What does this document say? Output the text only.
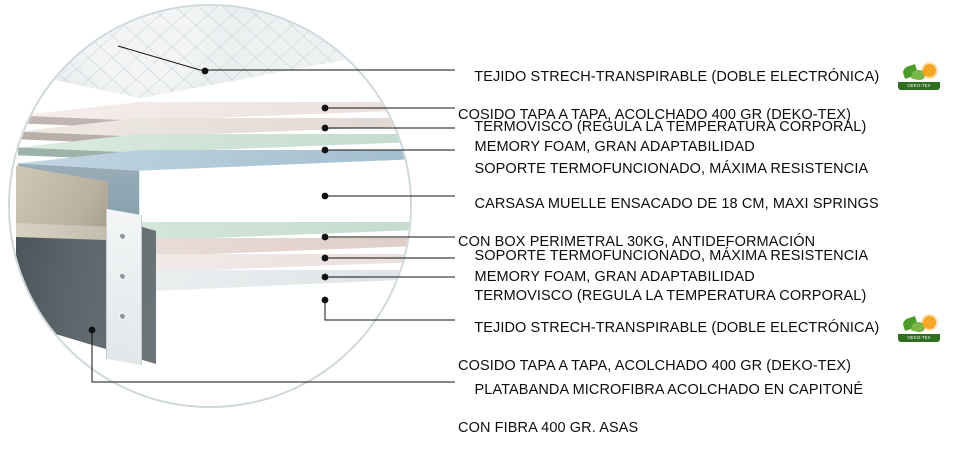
TEJIDO STRECH-TRANSPIRABLE (DOBLE ELECTRÓNICA)

COSIDO TAPA A TAPA, ACOLCHADO 400 GR (DEKO-TEX)

OEKO-TEX

TERMOVISCO (REGULA LA TEMPERATURA CORPORAL)

MEMORY FOAM, GRAN ADAPTABILIDAD

SOPORTE TERMOFUNCIONADO, MÁXIMA RESISTENCIA

CARSASA MUELLE ENSACADO DE 18 CM, MAXI SPRINGS

CON BOX PERIMETRAL 30KG, ANTIDEFORMACIÓN

SOPORTE TERMOFUNCIONADO, MÁXIMA RESISTENCIA

MEMORY FOAM, GRAN ADAPTABILIDAD

TERMOVISCO (REGULA LA TEMPERATURA CORPORAL)

TEJIDO STRECH-TRANSPIRABLE (DOBLE ELECTRÓNICA)

COSIDO TAPA A TAPA, ACOLCHADO 400 GR (DEKO-TEX)

OEKO-TEX

PLATABANDA MICROFIBRA ACOLCHADO EN CAPITONÉ

CON FIBRA 400 GR. ASAS
